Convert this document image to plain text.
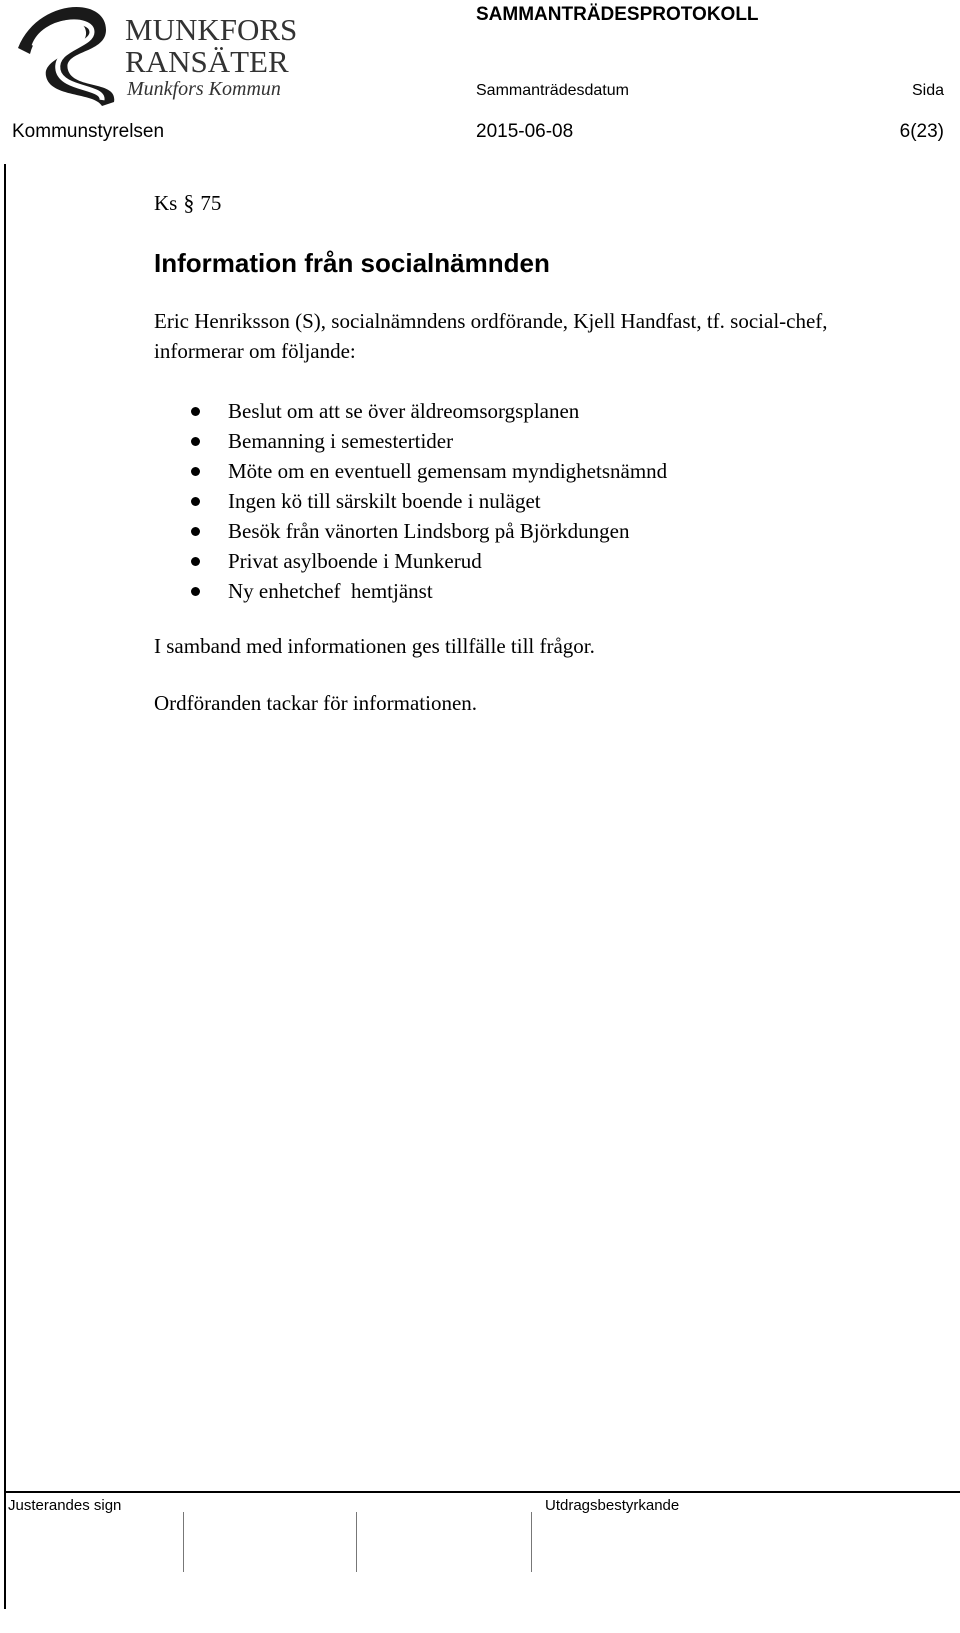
MUNKFORS
RANSÄTER
Munkfors Kommun
SAMMANTRÄDESPROTOKOLL
Sammanträdesdatum	Sida
Kommunstyrelsen	2015-06-08	6(23)
Ks § 75
Information från socialnämnden
Eric Henriksson (S), socialnämndens ordförande, Kjell Handfast, tf. social-chef, informerar om följande:
Beslut om att se över äldreomsorgsplanen
Bemanning i semestertider
Möte om en eventuell gemensam myndighetsnämnd
Ingen kö till särskilt boende i nuläget
Besök från vänorten Lindsborg på Björkdungen
Privat asylboende i Munkerud
Ny enhetchef  hemtjänst
I samband med informationen ges tillfälle till frågor.
Ordföranden tackar för informationen.
Justerandes sign	Utdragsbestyrkande
